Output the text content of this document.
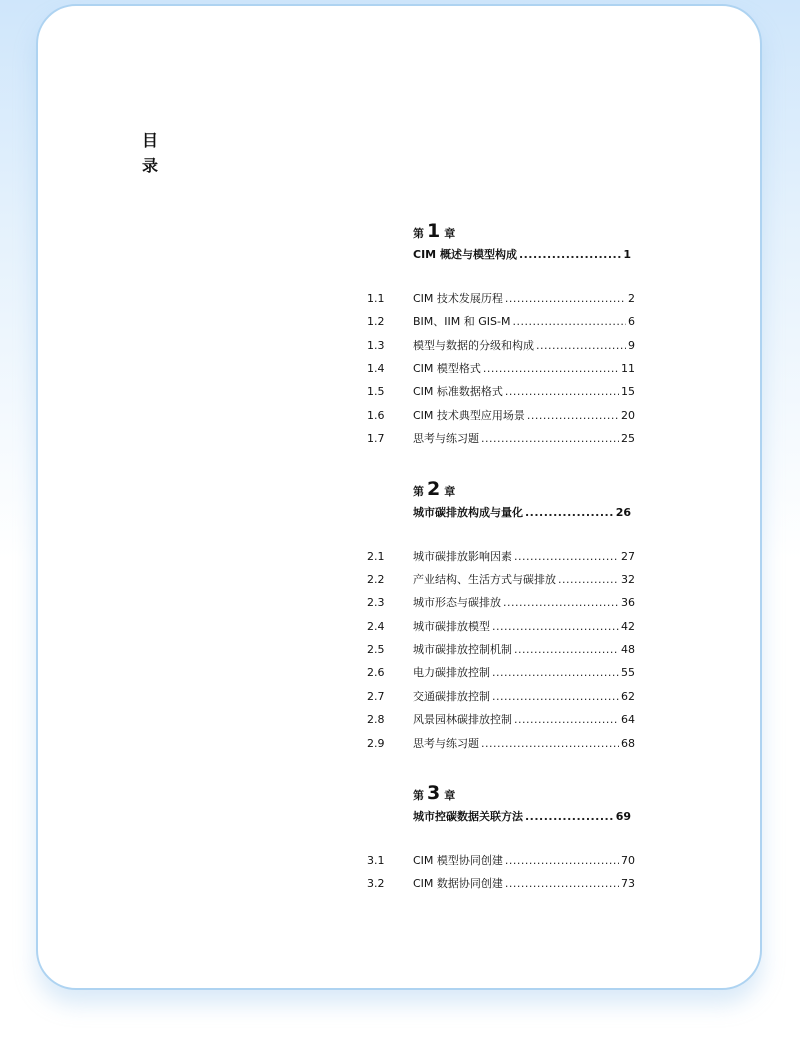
目
录
第 1 章
CIM 概述与模型构成 .....	1
1.1	CIM 技术发展历程 .....	2
1.2	BIM、IIM 和 GIS-M .....	6
1.3	模型与数据的分级和构成 .....	9
1.4	CIM 模型格式 .....	11
1.5	CIM 标准数据格式 .....	15
1.6	CIM 技术典型应用场景 .....	20
1.7	思考与练习题 .....	25
第 2 章
城市碳排放构成与量化 .....	26
2.1	城市碳排放影响因素 .....	27
2.2	产业结构、生活方式与碳排放 .....	32
2.3	城市形态与碳排放 .....	36
2.4	城市碳排放模型 .....	42
2.5	城市碳排放控制机制 .....	48
2.6	电力碳排放控制 .....	55
2.7	交通碳排放控制 .....	62
2.8	风景园林碳排放控制 .....	64
2.9	思考与练习题 .....	68
第 3 章
城市控碳数据关联方法 .....	69
3.1	CIM 模型协同创建 .....	70
3.2	CIM 数据协同创建 .....	73
